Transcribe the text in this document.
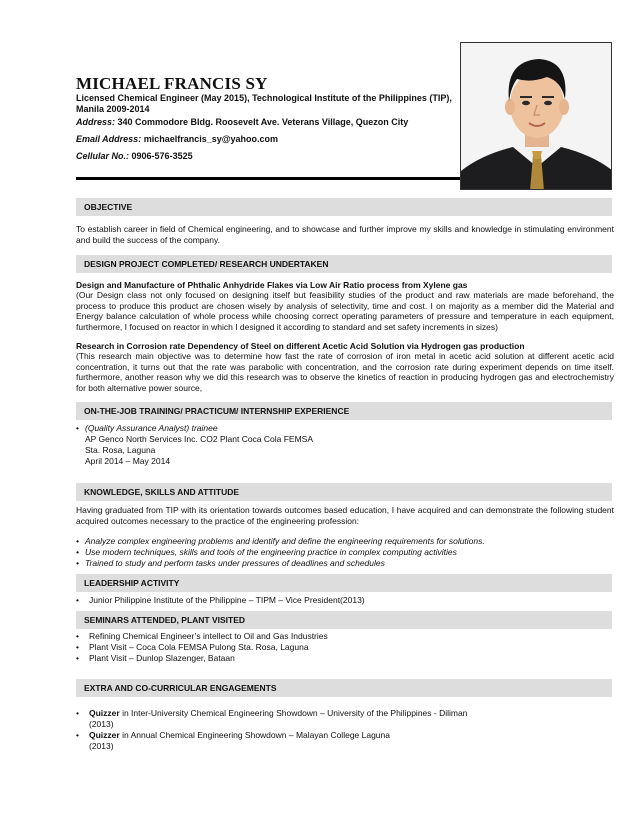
MICHAEL FRANCIS SY
Licensed Chemical Engineer (May 2015), Technological Institute of the Philippines (TIP), Manila 2009-2014
Address: 340 Commodore Bldg. Roosevelt Ave. Veterans Village, Quezon City
Email Address: michaelfrancis_sy@yahoo.com
Cellular No.: 0906-576-3525
OBJECTIVE
To establish career in field of Chemical engineering, and to showcase and further improve my skills and knowledge in stimulating environment and build the success of the company.
DESIGN PROJECT COMPLETED/ RESEARCH UNDERTAKEN
Design and Manufacture of Phthalic Anhydride Flakes via Low Air Ratio process from Xylene gas
(Our Design class not only focused on designing itself but feasibility studies of the product and raw materials are made beforehand, the process to produce this product are chosen wisely by analysis of selectivity, time and cost. I on majority as a member did the Material and Energy balance calculation of whole process while choosing correct operating parameters of pressure and temperature in each equipment, furthermore, I focused on reactor in which I designed it according to standard and set safety increments in sizes)
Research in Corrosion rate Dependency of Steel on different Acetic Acid Solution via Hydrogen gas production
(This research main objective was to determine how fast the rate of corrosion of iron metal in acetic acid solution at different acetic acid concentration, it turns out that the rate was parabolic with concentration, and the corrosion rate during experiment depends on time itself. furthermore, another reason why we did this research was to observe the kinetics of reaction in producing hydrogen gas and electrochemistry for both alternative power source,
ON-THE-JOB TRAINING/ PRACTICUM/ INTERNSHIP EXPERIENCE
• (Quality Assurance Analyst) trainee
AP Genco North Services Inc. CO2 Plant Coca Cola FEMSA
Sta. Rosa, Laguna
April 2014 – May 2014
KNOWLEDGE, SKILLS AND ATTITUDE
Having graduated from TIP with its orientation towards outcomes based education, I have acquired and can demonstrate the following student acquired outcomes necessary to the practice of the engineering profession:
• Analyze complex engineering problems and identify and define the engineering requirements for solutions.
• Use modern techniques, skills and tools of the engineering practice in complex computing activities
• Trained to study and perform tasks under pressures of deadlines and schedules
LEADERSHIP ACTIVITY
• Junior Philippine Institute of the Philippine – TIPM – Vice President(2013)
SEMINARS ATTENDED, PLANT VISITED
• Refining Chemical Engineer’s intellect to Oil and Gas Industries
• Plant Visit – Coca Cola FEMSA Pulong Sta. Rosa, Laguna
• Plant Visit – Dunlop Slazenger, Bataan
EXTRA AND CO-CURRICULAR ENGAGEMENTS
• Quizzer in Inter-University Chemical Engineering Showdown – University of the Philippines - Diliman
(2013)
• Quizzer in Annual Chemical Engineering Showdown – Malayan College Laguna
(2013)
